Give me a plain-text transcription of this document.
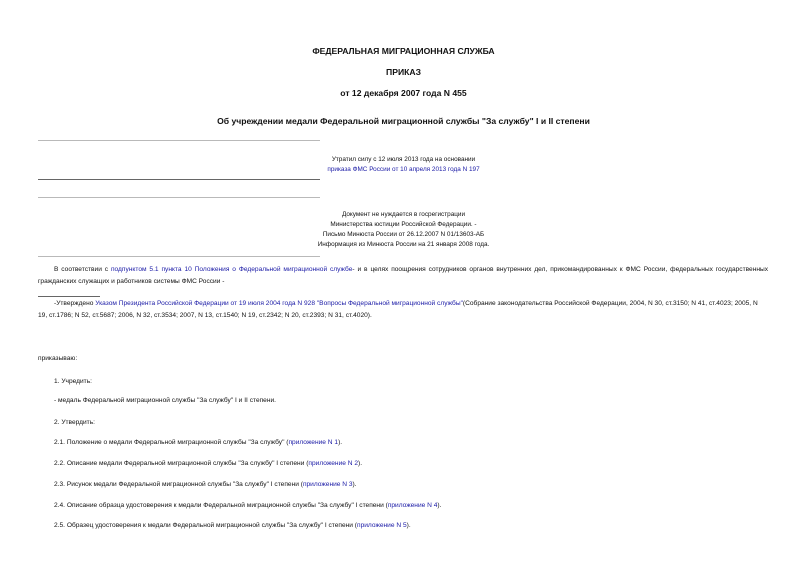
ФЕДЕРАЛЬНАЯ МИГРАЦИОННАЯ СЛУЖБА
ПРИКАЗ
от 12 декабря 2007 года N 455
Об учреждении медали Федеральной миграционной службы "За службу" I и II степени
Утратил силу с 12 июля 2013 года на основании
приказа ФМС России от 10 апреля 2013 года N 197
Документ не нуждается в госрегистрации
Министерства юстиции Российской Федерации. -
Письмо Минюста России от 26.12.2007 N 01/13603-АБ
Информация из Минюста России на 21 января 2008 года.
В соответствии с подпунктом 5.1 пункта 10 Положения о Федеральной миграционной службе- и в целях поощрения сотрудников органов внутренних дел, прикомандированных к ФМС России, федеральных государственных гражданских служащих и работников системы ФМС России -
-Утверждено Указом Президента Российской Федерации от 19 июля 2004 года N 928 "Вопросы Федеральной миграционной службы"(Собрание законодательства Российской Федерации, 2004, N 30, ст.3150; N 41, ст.4023; 2005, N 19, ст.1786; N 52, ст.5687; 2006, N 32, ст.3534; 2007, N 13, ст.1540; N 19, ст.2342; N 20, ст.2393; N 31, ст.4020).
приказываю:
1. Учредить:
- медаль Федеральной миграционной службы "За службу" I и II степени.
2. Утвердить:
2.1. Положение о медали Федеральной миграционной службы "За службу" (приложение N 1).
2.2. Описание медали Федеральной миграционной службы "За службу" I степени (приложение N 2).
2.3. Рисунок медали Федеральной миграционной службы "За службу" I степени (приложение N 3).
2.4. Описание образца удостоверения к медали Федеральной миграционной службы "За службу" I степени (приложение N 4).
2.5. Образец удостоверения к медали Федеральной миграционной службы "За службу" I степени (приложение N 5).
